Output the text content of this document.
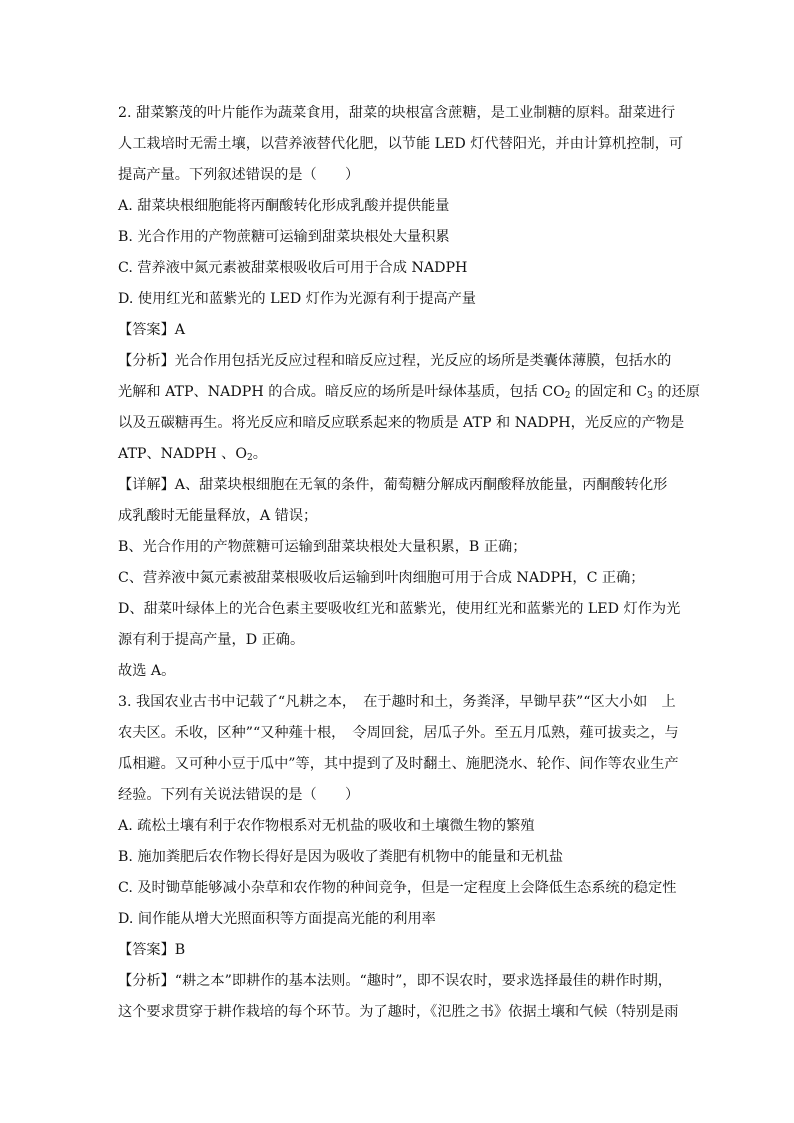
2. 甜菜繁茂的叶片能作为蔬菜食用，甜菜的块根富含蔗糖，是工业制糖的原料。甜菜进行
人工栽培时无需土壤，以营养液替代化肥，以节能 LED 灯代替阳光，并由计算机控制，可
提高产量。下列叙述错误的是（　　）
A. 甜菜块根细胞能将丙酮酸转化形成乳酸并提供能量
B. 光合作用的产物蔗糖可运输到甜菜块根处大量积累
C. 营养液中氮元素被甜菜根吸收后可用于合成 NADPH
D. 使用红光和蓝紫光的 LED 灯作为光源有利于提高产量
【答案】A
【分析】光合作用包括光反应过程和暗反应过程，光反应的场所是类囊体薄膜，包括水的
光解和 ATP、NADPH 的合成。暗反应的场所是叶绿体基质，包括 $CO_2$ 的固定和 $C_3$ 的还原
以及五碳糖再生。将光反应和暗反应联系起来的物质是 ATP 和 NADPH，光反应的产物是
ATP、NADPH 、$O_2$。
【详解】A、甜菜块根细胞在无氧的条件，葡萄糖分解成丙酮酸释放能量，丙酮酸转化形
成乳酸时无能量释放，A 错误；
B、光合作用的产物蔗糖可运输到甜菜块根处大量积累，B 正确；
C、营养液中氮元素被甜菜根吸收后运输到叶肉细胞可用于合成 NADPH，C 正确；
D、甜菜叶绿体上的光合色素主要吸收红光和蓝紫光，使用红光和蓝紫光的 LED 灯作为光
源有利于提高产量，D 正确。
故选 A。
3. 我国农业古书中记载了“凡耕之本，　在于趣时和土，务粪泽，早锄早获”“区大小如　上
农夫区。禾收，区种”“又种薤十根，　令周回瓮，居瓜子外。至五月瓜熟，薤可拔卖之，与
瓜相避。又可种小豆于瓜中”等，其中提到了及时翻土、施肥浇水、轮作、间作等农业生产
经验。下列有关说法错误的是（　　）
A. 疏松土壤有利于农作物根系对无机盐的吸收和土壤微生物的繁殖
B. 施加粪肥后农作物长得好是因为吸收了粪肥有机物中的能量和无机盐
C. 及时锄草能够减小杂草和农作物的种间竞争，但是一定程度上会降低生态系统的稳定性
D. 间作能从增大光照面积等方面提高光能的利用率
【答案】B
【分析】“耕之本”即耕作的基本法则。“趣时”，即不误农时，要求选择最佳的耕作时期，
这个要求贯穿于耕作栽培的每个环节。为了趣时，《氾胜之书》依据土壤和气候（特别是雨
